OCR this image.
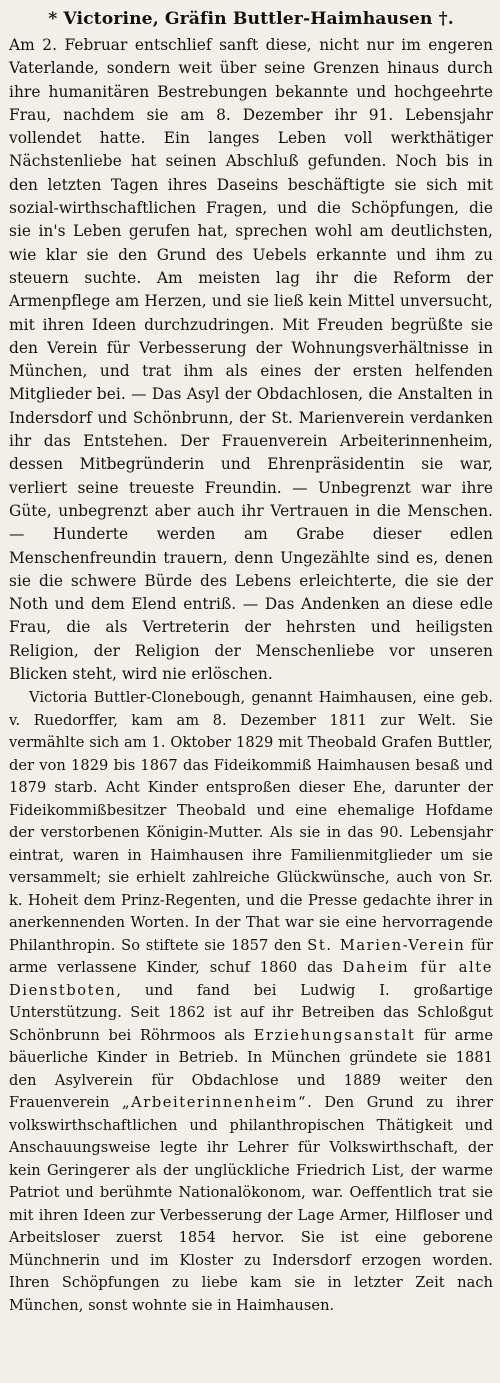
* Victorine, Gräfin Buttler-Haimhausen †.

Am 2. Februar entschlief sanft diese, nicht nur im engeren Vaterlande, sondern weit über seine Grenzen hinaus durch ihre humanitären Bestrebungen bekannte und hochgeehrte Frau, nachdem sie am 8. Dezember ihr 91. Lebensjahr vollendet hatte. Ein langes Leben voll werkthätiger Nächstenliebe hat seinen Abschluß gefunden. Noch bis in den letzten Tagen ihres Daseins beschäftigte sie sich mit sozial-wirthschaftlichen Fragen, und die Schöpfungen, die sie in's Leben gerufen hat, sprechen wohl am deutlichsten, wie klar sie den Grund des Uebels erkannte und ihm zu steuern suchte. Am meisten lag ihr die Reform der Armenpflege am Herzen, und sie ließ kein Mittel unversucht, mit ihren Ideen durchzudringen. Mit Freuden begrüßte sie den Verein für Verbesserung der Wohnungsverhältnisse in München, und trat ihm als eines der ersten helfenden Mitglieder bei. — Das Asyl der Obdachlosen, die Anstalten in Indersdorf und Schönbrunn, der St. Marienverein verdanken ihr das Entstehen. Der Frauenverein Arbeiterinnenheim, dessen Mitbegründerin und Ehrenpräsidentin sie war, verliert seine treueste Freundin. — Unbegrenzt war ihre Güte, unbegrenzt aber auch ihr Vertrauen in die Menschen. — Hunderte werden am Grabe dieser edlen Menschenfreundin trauern, denn Ungezählte sind es, denen sie die schwere Bürde des Lebens erleichterte, die sie der Noth und dem Elend entriß. — Das Andenken an diese edle Frau, die als Vertreterin der hehrsten und heiligsten Religion, der Religion der Menschenliebe vor unseren Blicken steht, wird nie erlöschen.

Victoria Buttler-Clonebough, genannt Haimhausen, eine geb. v. Ruedorffer, kam am 8. Dezember 1811 zur Welt. Sie vermählte sich am 1. Oktober 1829 mit Theobald Grafen Buttler, der von 1829 bis 1867 das Fideikommiß Haimhausen besaß und 1879 starb. Acht Kinder entsproßen dieser Ehe, darunter der Fideikommißbesitzer Theobald und eine ehemalige Hofdame der verstorbenen Königin-Mutter. Als sie in das 90. Lebensjahr eintrat, waren in Haimhausen ihre Familienmitglieder um sie versammelt; sie erhielt zahlreiche Glückwünsche, auch von Sr. k. Hoheit dem Prinz-Regenten, und die Presse gedachte ihrer in anerkennenden Worten. In der That war sie eine hervorragende Philanthropin. So stiftete sie 1857 den St. Marien-Verein für arme verlassene Kinder, schuf 1860 das Daheim für alte Dienstboten, und fand bei Ludwig I. großartige Unterstützung. Seit 1862 ist auf ihr Betreiben das Schloßgut Schönbrunn bei Röhrmoos als Erziehungsanstalt für arme bäuerliche Kinder in Betrieb. In München gründete sie 1881 den Asylverein für Obdachlose und 1889 weiter den Frauenverein „Arbeiterinnenheim“. Den Grund zu ihrer volkswirthschaftlichen und philanthropischen Thätigkeit und Anschauungsweise legte ihr Lehrer für Volkswirthschaft, der kein Geringerer als der unglückliche Friedrich List, der warme Patriot und berühmte Nationalökonom, war. Oeffentlich trat sie mit ihren Ideen zur Verbesserung der Lage Armer, Hilfloser und Arbeitsloser zuerst 1854 hervor. Sie ist eine geborene Münchnerin und im Kloster zu Indersdorf erzogen worden. Ihren Schöpfungen zu liebe kam sie in letzter Zeit nach München, sonst wohnte sie in Haimhausen.
